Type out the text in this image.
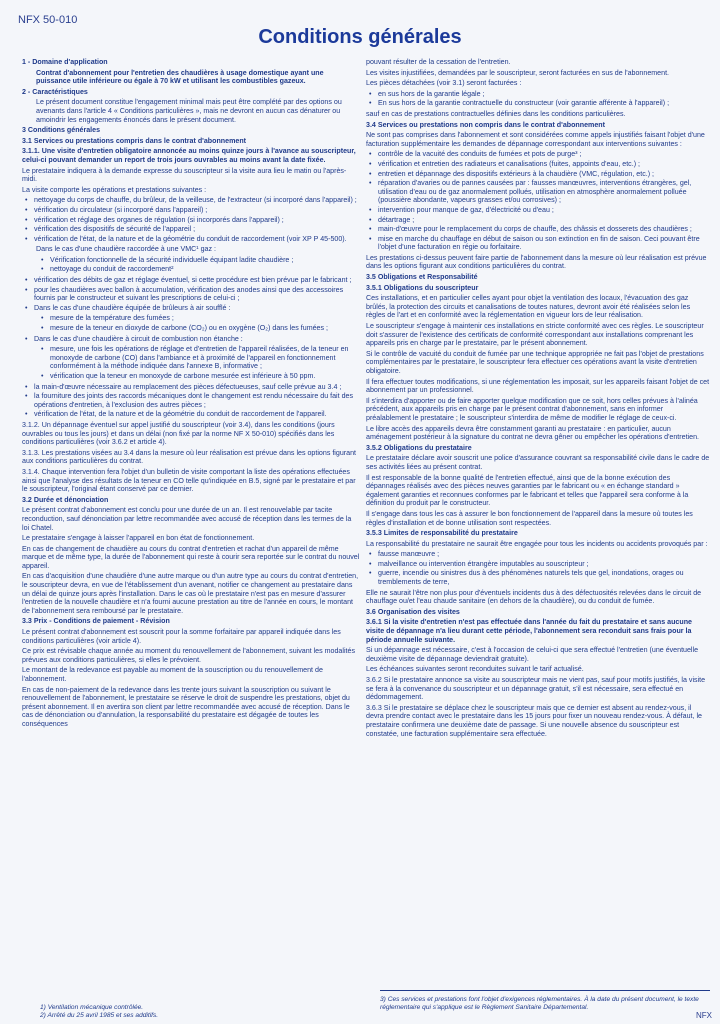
NFX 50-010
Conditions générales

1 - Domaine d'application

Contrat d'abonnement pour l'entretien des chaudières à usage domestique ayant une puissance utile inférieure ou égale à 70 kW et utilisant les combustibles gazeux.

2 - Caractéristiques

Le présent document constitue l'engagement minimal mais peut être complété par des options ou avenants dans l'article 4 « Conditions particulières », mais ne devront en aucun cas dénaturer ou amoindrir les engagements énoncés dans le présent document.

3 Conditions générales

3.1 Services ou prestations compris dans le contrat d'abonnement

3.1.1. Une visite d'entretien obligatoire annoncée au moins quinze jours à l'avance au souscripteur, celui-ci pouvant demander un report de trois jours ouvrables au moins avant la date fixée.

Le prestataire indiquera à la demande expresse du souscripteur si la visite aura lieu le matin ou l'après-midi.

La visite comporte les opérations et prestations suivantes :

• nettoyage du corps de chauffe, du brûleur, de la veilleuse, de l'extracteur (si incorporé dans l'appareil) ;
• vérification du circulateur (si incorporé dans l'appareil) ;
• vérification et réglage des organes de régulation (si incorporés dans l'appareil) ;
• vérification des dispositifs de sécurité de l'appareil ;
• vérification de l'état, de la nature et de la géométrie du conduit de raccordement (voir XP P 45-500).

Dans le cas d'une chaudière raccordée à une VMC¹ gaz :

• Vérification fonctionnelle de la sécurité individuelle équipant ladite chaudière ;
• nettoyage du conduit de raccordement²
• vérification des débits de gaz et réglage éventuel, si cette procédure est bien prévue par le fabricant ;
• pour les chaudières avec ballon à accumulation, vérification des anodes ainsi que des accessoires fournis par le constructeur et suivant les prescriptions de celui-ci ;
• Dans le cas d'une chaudière équipée de brûleurs à air soufflé :
• mesure de la température des fumées ;
• mesure de la teneur en dioxyde de carbone (CO₂) ou en oxygène (O₂) dans les fumées ;
• Dans le cas d'une chaudière à circuit de combustion non étanche :
• mesure, une fois les opérations de réglage et d'entretien de l'appareil réalisées, de la teneur en monoxyde de carbone (CO) dans l'ambiance et à proximité de l'appareil en fonctionnement conformément à la méthode indiquée dans l'annexe B, informative ;
• vérification que la teneur en monoxyde de carbone mesurée est inférieure à 50 ppm.
• la main-d'œuvre nécessaire au remplacement des pièces défectueuses, sauf celle prévue au 3.4 ;
• la fourniture des joints des raccords mécaniques dont le changement est rendu nécessaire du fait des opérations d'entretien, à l'exclusion des autres pièces ;
• vérification de l'état, de la nature et de la géométrie du conduit de raccordement de l'appareil.

3.1.2. Un dépannage éventuel sur appel justifié du souscripteur (voir 3.4), dans les conditions (jours ouvrables ou tous les jours) et dans un délai (non fixé par la norme NF X 50-010) spécifiés dans les conditions particulières (voir 3.6.2 et article 4).

3.1.3. Les prestations visées au 3.4 dans la mesure où leur réalisation est prévue dans les options figurant aux conditions particulières du contrat.

3.1.4. Chaque intervention fera l'objet d'un bulletin de visite comportant la liste des opérations effectuées ainsi que l'analyse des résultats de la teneur en CO telle qu'indiquée en B.5, signé par le prestataire et par le souscripteur, l'original étant conservé par ce dernier.

3.2 Durée et dénonciation

Le présent contrat d'abonnement est conclu pour une durée de un an. Il est renouvelable par tacite reconduction, sauf dénonciation par lettre recommandée avec accusé de réception dans les termes de la loi Chatel.

Le prestataire s'engage à laisser l'appareil en bon état de fonctionnement.

En cas de changement de chaudière au cours du contrat d'entretien et rachat d'un appareil de même marque et de même type, la durée de l'abonnement qui reste à courir sera reportée sur le contrat du nouvel appareil.

En cas d'acquisition d'une chaudière d'une autre marque ou d'un autre type au cours du contrat d'entretien, le souscripteur devra, en vue de l'établissement d'un avenant, notifier ce changement au prestataire dans un délai de quinze jours après l'installation. Dans le cas où le prestataire n'est pas en mesure d'assurer l'entretien de la nouvelle chaudière et n'a fourni aucune prestation au titre de l'année en cours, le montant de l'abonnement sera remboursé par le prestataire.

3.3 Prix - Conditions de paiement - Révision

Le présent contrat d'abonnement est souscrit pour la somme forfaitaire par appareil indiquée dans les conditions particulières (voir article 4).

Ce prix est révisable chaque année au moment du renouvellement de l'abonnement, suivant les modalités prévues aux conditions particulières, si elles le prévoient.

Le montant de la redevance est payable au moment de la souscription ou du renouvellement de l'abonnement.

En cas de non-paiement de la redevance dans les trente jours suivant la souscription ou suivant le renouvellement de l'abonnement, le prestataire se réserve le droit de suspendre les prestations, objet du présent abonnement. Il en avertira son client par lettre recommandée avec accusé de réception. Dans le cas de dénonciation ou d'annulation, la responsabilité du prestataire est dégagée de toutes les conséquences

pouvant résulter de la cessation de l'entretien.

Les visites injustifiées, demandées par le souscripteur, seront facturées en sus de l'abonnement.

Les pièces détachées (voir 3.1) seront facturées :

• en sus hors de la garantie légale ;
• En sus hors de la garantie contractuelle du constructeur (voir garantie afférente à l'appareil) ;

sauf en cas de prestations contractuelles définies dans les conditions particulières.

3.4 Services ou prestations non compris dans le contrat d'abonnement

Ne sont pas comprises dans l'abonnement et sont considérées comme appels injustifiés faisant l'objet d'une facturation supplémentaire les demandes de dépannage correspondant aux interventions suivantes :

• contrôle de la vacuité des conduits de fumées et pots de purge³ ;
• vérification et entretien des radiateurs et canalisations (fuites, appoints d'eau, etc.) ;
• entretien et dépannage des dispositifs extérieurs à la chaudière (VMC, régulation, etc.) ;
• réparation d'avaries ou de pannes causées par : fausses manœuvres, interventions étrangères, gel, utilisation d'eau ou de gaz anormalement pollués, utilisation en atmosphère anormalement polluée (poussière abondante, vapeurs grasses et/ou corrosives) ;
• intervention pour manque de gaz, d'électricité ou d'eau ;
• détartrage ;
• main-d'œuvre pour le remplacement du corps de chauffe, des châssis et dosserets des chaudières ;
• mise en marche du chauffage en début de saison ou son extinction en fin de saison. Ceci pouvant être l'objet d'une facturation en régie ou forfaitaire.

Les prestations ci-dessus peuvent faire partie de l'abonnement dans la mesure où leur réalisation est prévue dans les options figurant aux conditions particulières du contrat.

3.5 Obligations et Responsabilité

3.5.1 Obligations du souscripteur

Ces installations, et en particulier celles ayant pour objet la ventilation des locaux, l'évacuation des gaz brûlés, la protection des circuits et canalisations de toutes natures, devront avoir été réalisées selon les règles de l'art et en conformité avec la réglementation en vigueur lors de leur réalisation.

Le souscripteur s'engage à maintenir ces installations en stricte conformité avec ces règles. Le souscripteur doit s'assurer de l'existence des certificats de conformité correspondant aux installations comprenant les appareils pris en charge par le prestataire, par le présent abonnement.

Si le contrôle de vacuité du conduit de fumée par une technique appropriée ne fait pas l'objet de prestations complémentaires par le prestataire, le souscripteur fera effectuer ces opérations avant la visite d'entretien obligatoire.

Il fera effectuer toutes modifications, si une réglementation les imposait, sur les appareils faisant l'objet de cet abonnement par un professionnel.

Il s'interdira d'apporter ou de faire apporter quelque modification que ce soit, hors celles prévues à l'alinéa précédent, aux appareils pris en charge par le présent contrat d'abonnement, sans en informer préalablement le prestataire ; le souscripteur s'interdira de même de modifier le réglage de ceux-ci.

Le libre accès des appareils devra être constamment garanti au prestataire : en particulier, aucun aménagement postérieur à la signature du contrat ne devra gêner ou empêcher les opérations d'entretien.

3.5.2 Obligations du prestataire

Le prestataire déclare avoir souscrit une police d'assurance couvrant sa responsabilité civile dans le cadre de ses activités liées au présent contrat.

Il est responsable de la bonne qualité de l'entretien effectué, ainsi que de la bonne exécution des dépannages réalisés avec des pièces neuves garanties par le fabricant ou « en échange standard » également garanties et reconnues conformes par le fabricant et telles que l'appareil sera conforme à la définition du produit par le constructeur.

Il s'engage dans tous les cas à assurer le bon fonctionnement de l'appareil dans la mesure où toutes les règles d'installation et de bonne utilisation sont respectées.

3.5.3 Limites de responsabilité du prestataire

La responsabilité du prestataire ne saurait être engagée pour tous les incidents ou accidents provoqués par :

• fausse manœuvre ;
• malveillance ou intervention étrangère imputables au souscripteur ;
• guerre, incendie ou sinistres dus à des phénomènes naturels tels que gel, inondations, orages ou tremblements de terre,

Elle ne saurait l'être non plus pour d'éventuels incidents dus à des défectuosités relevées dans le circuit de chauffage ou/et l'eau chaude sanitaire (en dehors de la chaudière), ou du conduit de fumée.

3.6 Organisation des visites

3.6.1 Si la visite d'entretien n'est pas effectuée dans l'année du fait du prestataire et sans aucune visite de dépannage n'a lieu durant cette période, l'abonnement sera reconduit sans frais pour la période annuelle suivante.

Si un dépannage est nécessaire, c'est à l'occasion de celui-ci que sera effectué l'entretien (une éventuelle deuxième visite de dépannage deviendrait gratuite).

Les échéances suivantes seront reconduites suivant le tarif actualisé.

3.6.2 Si le prestataire annonce sa visite au souscripteur mais ne vient pas, sauf pour motifs justifiés, la visite se fera à la convenance du souscripteur et un dépannage gratuit, s'il est nécessaire, sera effectué en dédommagement.

3.6.3 Si le prestataire se déplace chez le souscripteur mais que ce dernier est absent au rendez-vous, il devra prendre contact avec le prestataire dans les 15 jours pour fixer un nouveau rendez-vous. À défaut, le prestataire confirmera une deuxième date de passage. Si une nouvelle absence du souscripteur est constatée, une facturation supplémentaire sera effectuée.

1) Ventilation mécanique contrôlée.
2) Arrêté du 25 avril 1985 et ses additifs.
3) Ces services et prestations font l'objet d'exigences réglementaires. À la date du présent document, le texte réglementaire qui s'applique est le Règlement Sanitaire Départemental.
NFX
